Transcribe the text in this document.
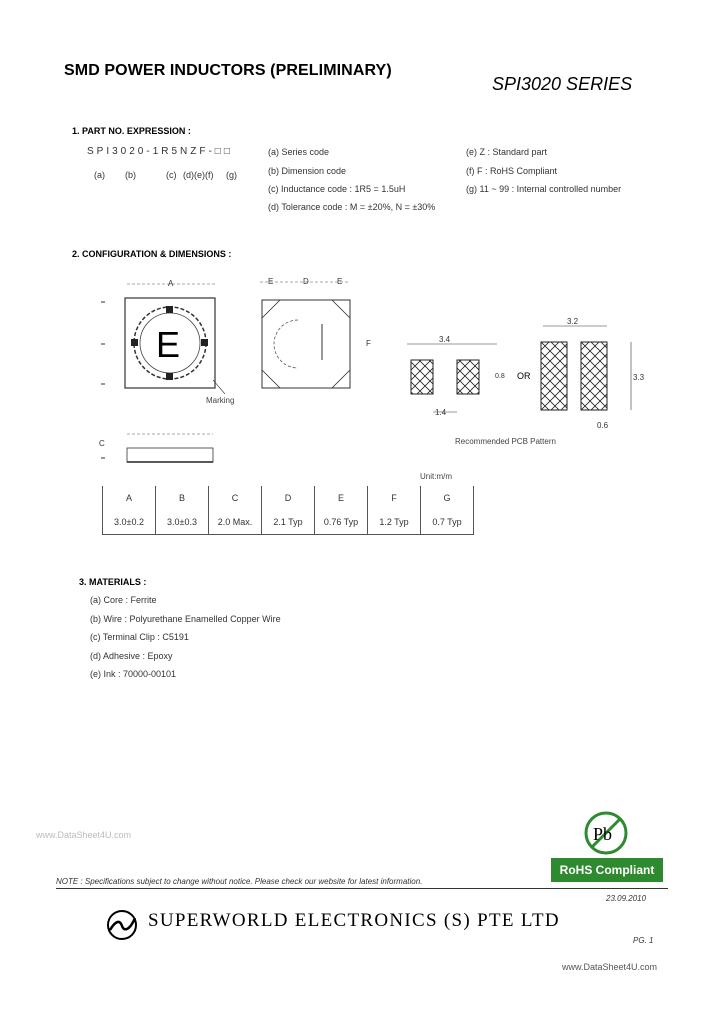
SMD POWER INDUCTORS (PRELIMINARY)
SPI3020 SERIES
1. PART NO. EXPRESSION :
SPI3020-1R5NZF-□□
(a) (b)	(c) (d)(e)(f) (g)
(a) Series code
(b) Dimension code
(c) Inductance code : 1R5 = 1.5uH
(d) Tolerance code : M = ±20%, N = ±30%
(e) Z : Standard part
(f) F : RoHS Compliant
(g) 11 ~ 99 : Internal controlled number
2. CONFIGURATION & DIMENSIONS :
A
E
Marking
E	D	E
F
C
3.4
1.4
0.8 OR
3.2
3.3
0.6
Recommended PCB Pattern
Unit:m/m
A	B	C	D	E	F	G
3.0±0.2	3.0±0.3	2.0 Max.	2.1 Typ	0.76 Typ	1.2 Typ	0.7 Typ
3. MATERIALS :
(a) Core : Ferrite
(b) Wire : Polyurethane Enamelled Copper Wire
(c) Terminal Clip : C5191
(d) Adhesive : Epoxy
(e) Ink : 70000-00101
www.DataSheet4U.com	Pb
RoHS Compliant
NOTE : Specifications subject to change without notice. Please check our website for latest information.
23.09.2010
SUPERWORLD ELECTRONICS (S) PTE LTD
PG. 1
www.DataSheet4U.com
